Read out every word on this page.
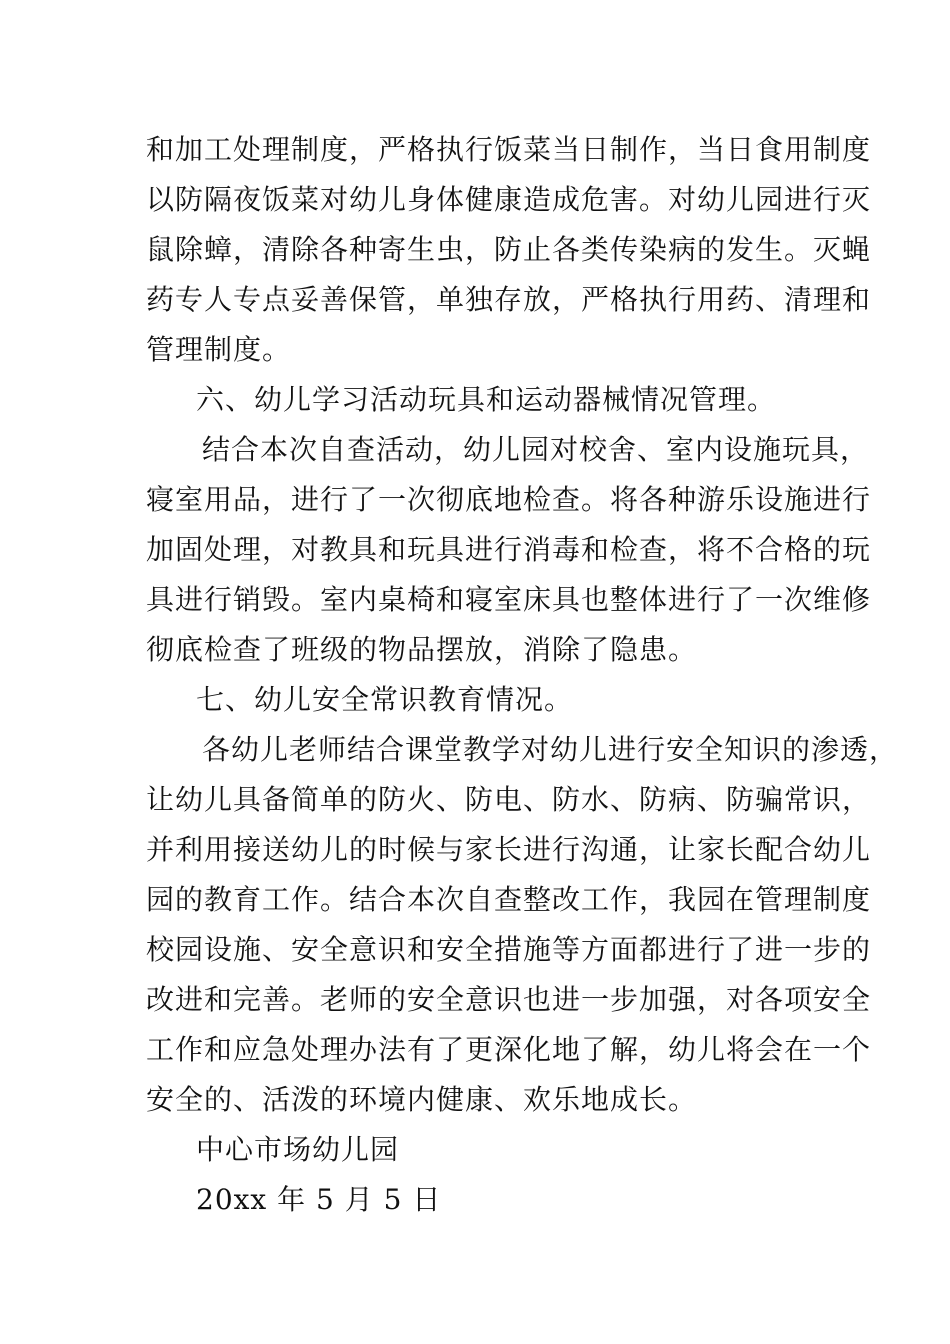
和加工处理制度，严格执行饭菜当日制作，当日食用制度
以防隔夜饭菜对幼儿身体健康造成危害。对幼儿园进行灭
鼠除蟑，清除各种寄生虫，防止各类传染病的发生。灭蝇
药专人专点妥善保管，单独存放，严格执行用药、清理和
管理制度。
六、幼儿学习活动玩具和运动器械情况管理。
结合本次自查活动，幼儿园对校舍、室内设施玩具，
寝室用品，进行了一次彻底地检查。将各种游乐设施进行
加固处理，对教具和玩具进行消毒和检查，将不合格的玩
具进行销毁。室内桌椅和寝室床具也整体进行了一次维修
彻底检查了班级的物品摆放，消除了隐患。
七、幼儿安全常识教育情况。
各幼儿老师结合课堂教学对幼儿进行安全知识的渗透，
让幼儿具备简单的防火、防电、防水、防病、防骗常识，
并利用接送幼儿的时候与家长进行沟通，让家长配合幼儿
园的教育工作。结合本次自查整改工作，我园在管理制度
校园设施、安全意识和安全措施等方面都进行了进一步的
改进和完善。老师的安全意识也进一步加强，对各项安全
工作和应急处理办法有了更深化地了解，幼儿将会在一个
安全的、活泼的环境内健康、欢乐地成长。
中心市场幼儿园
20xx 年 5 月 5 日
